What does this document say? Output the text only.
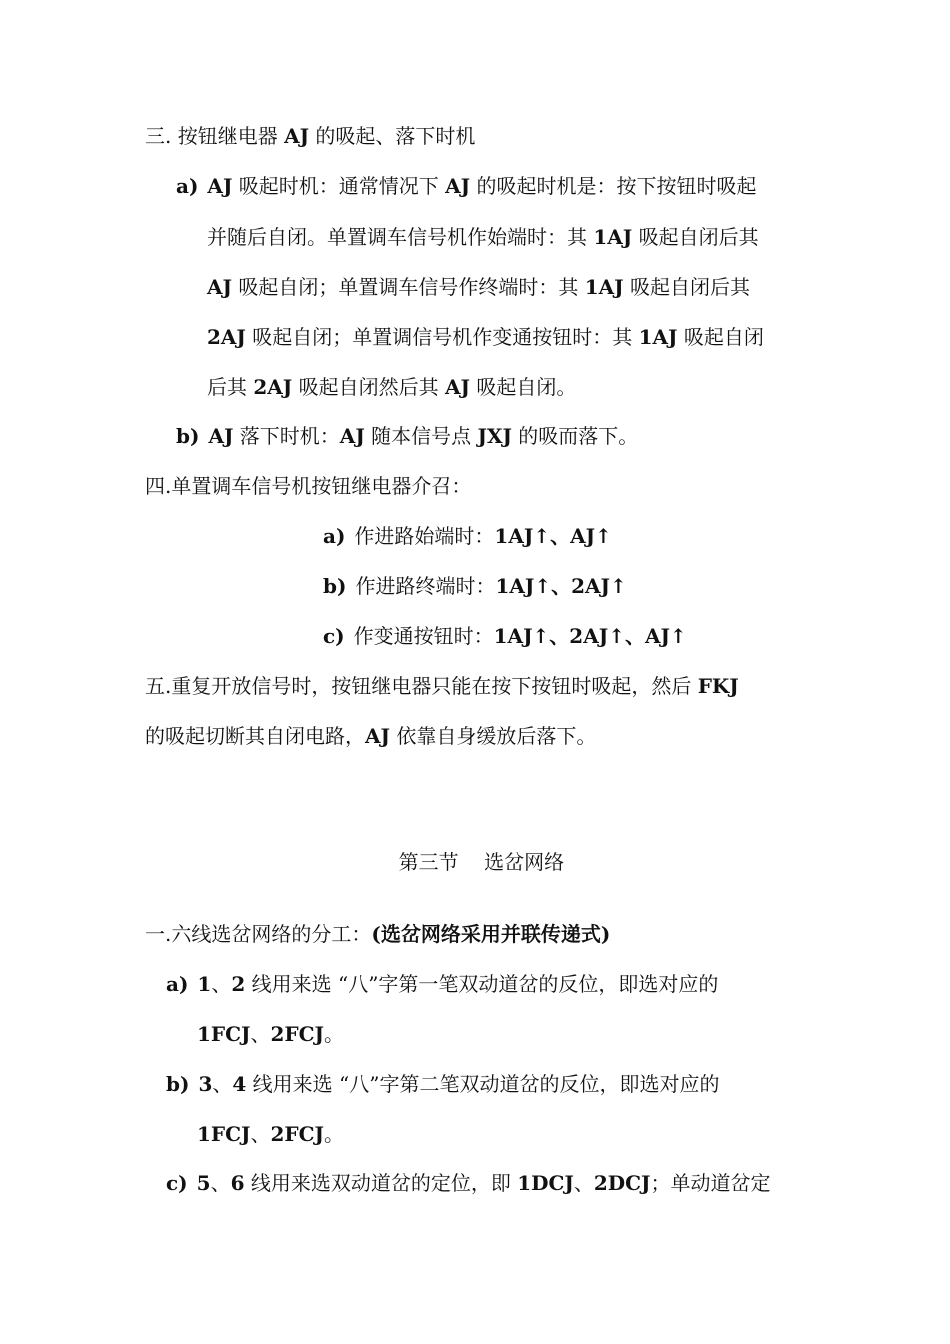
三. 按钮继电器 AJ 的吸起、落下时机
a) AJ 吸起时机：通常情况下 AJ 的吸起时机是：按下按钮时吸起
并随后自闭。单置调车信号机作始端时：其 1AJ 吸起自闭后其
AJ 吸起自闭；单置调车信号作终端时：其 1AJ 吸起自闭后其
2AJ 吸起自闭；单置调信号机作变通按钮时：其 1AJ 吸起自闭
后其 2AJ 吸起自闭然后其 AJ 吸起自闭。
b) AJ 落下时机：AJ 随本信号点 JXJ 的吸而落下。
四.单置调车信号机按钮继电器介召：
a) 作进路始端时：1AJ↑、AJ↑
b) 作进路终端时：1AJ↑、2AJ↑
c) 作变通按钮时：1AJ↑、2AJ↑、AJ↑
五.重复开放信号时，按钮继电器只能在按下按钮时吸起，然后 FKJ
的吸起切断其自闭电路，AJ 依靠自身缓放后落下。

第三节    选岔网络

一.六线选岔网络的分工：(选岔网络采用并联传递式)
a) 1、2 线用来选 “八”字第一笔双动道岔的反位，即选对应的
1FCJ、2FCJ。
b) 3、4 线用来选 “八”字第二笔双动道岔的反位，即选对应的
1FCJ、2FCJ。
c) 5、6 线用来选双动道岔的定位，即 1DCJ、2DCJ；单动道岔定
